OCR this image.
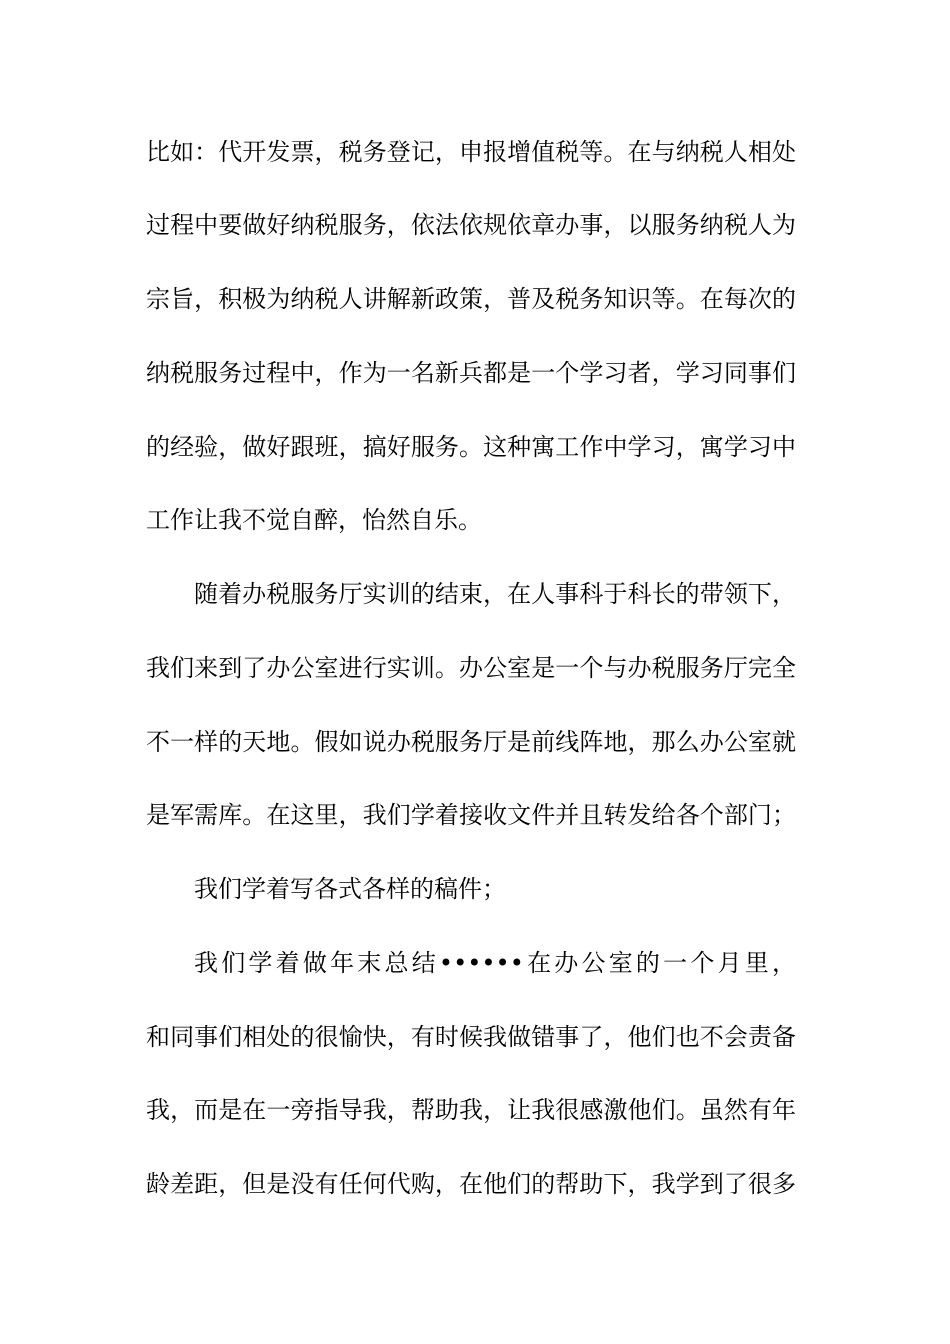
比如：代开发票，税务登记，申报增值税等。在与纳税人相处
过程中要做好纳税服务，依法依规依章办事，以服务纳税人为
宗旨，积极为纳税人讲解新政策，普及税务知识等。在每次的
纳税服务过程中，作为一名新兵都是一个学习者，学习同事们
的经验，做好跟班，搞好服务。这种寓工作中学习，寓学习中
工作让我不觉自醉，怡然自乐。
随着办税服务厅实训的结束，在人事科于科长的带领下，
我们来到了办公室进行实训。办公室是一个与办税服务厅完全
不一样的天地。假如说办税服务厅是前线阵地，那么办公室就
是军需库。在这里，我们学着接收文件并且转发给各个部门；
我们学着写各式各样的稿件；
我们学着做年末总结••••••在办公室的一个月里，
和同事们相处的很愉快，有时候我做错事了，他们也不会责备
我，而是在一旁指导我，帮助我，让我很感激他们。虽然有年
龄差距，但是没有任何代购，在他们的帮助下，我学到了很多
